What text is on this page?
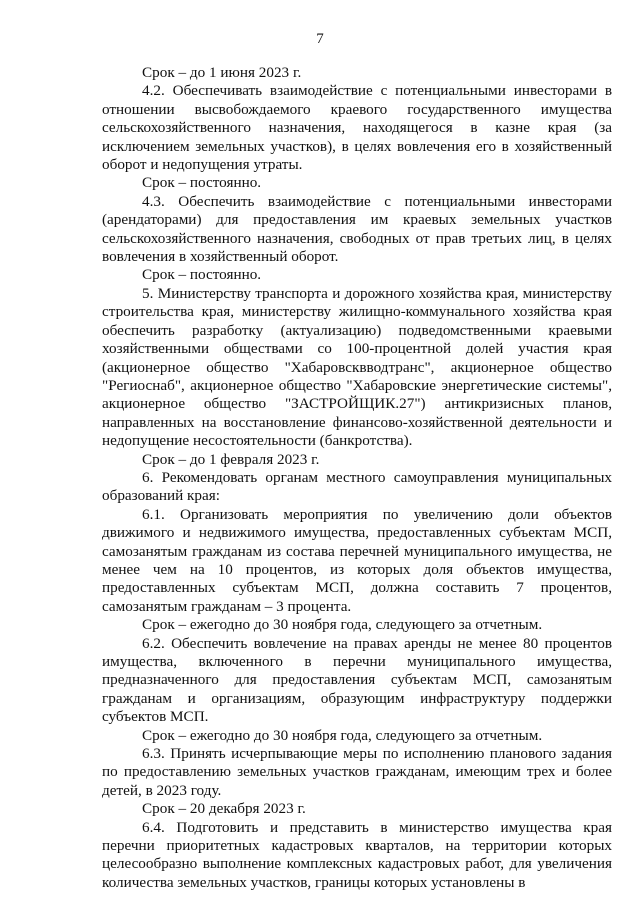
7

Срок – до 1 июня 2023 г.

4.2. Обеспечивать взаимодействие с потенциальными инвесторами в отношении высвобождаемого краевого государственного имущества сельскохозяйственного назначения, находящегося в казне края (за исключением земельных участков), в целях вовлечения его в хозяйственный оборот и недопущения утраты.

Срок – постоянно.

4.3. Обеспечить взаимодействие с потенциальными инвесторами (арендаторами) для предоставления им краевых земельных участков сельскохозяйственного назначения, свободных от прав третьих лиц, в целях вовлечения в хозяйственный оборот.

Срок – постоянно.

5. Министерству транспорта и дорожного хозяйства края, министерству строительства края, министерству жилищно-коммунального хозяйства края обеспечить разработку (актуализацию) подведомственными краевыми хозяйственными обществами со 100-процентной долей участия края (акционерное общество "Хабаровсквводтранс", акционерное общество "Региоснаб", акционерное общество "Хабаровские энергетические системы", акционерное общество "ЗАСТРОЙЩИК.27") антикризисных планов, направленных на восстановление финансово-хозяйственной деятельности и недопущение несостоятельности (банкротства).

Срок – до 1 февраля 2023 г.

6. Рекомендовать органам местного самоуправления муниципальных образований края:

6.1. Организовать мероприятия по увеличению доли объектов движимого и недвижимого имущества, предоставленных субъектам МСП, самозанятым гражданам из состава перечней муниципального имущества, не менее чем на 10 процентов, из которых доля объектов имущества, предоставленных субъектам МСП, должна составить 7 процентов, самозанятым гражданам – 3 процента.

Срок – ежегодно до 30 ноября года, следующего за отчетным.

6.2. Обеспечить вовлечение на правах аренды не менее 80 процентов имущества, включенного в перечни муниципального имущества, предназначенного для предоставления субъектам МСП, самозанятым гражданам и организациям, образующим инфраструктуру поддержки субъектов МСП.

Срок – ежегодно до 30 ноября года, следующего за отчетным.

6.3. Принять исчерпывающие меры по исполнению планового задания по предоставлению земельных участков гражданам, имеющим трех и более детей, в 2023 году.

Срок – 20 декабря 2023 г.

6.4. Подготовить и представить в министерство имущества края перечни приоритетных кадастровых кварталов, на территории которых целесообразно выполнение комплексных кадастровых работ, для увеличения количества земельных участков, границы которых установлены в
